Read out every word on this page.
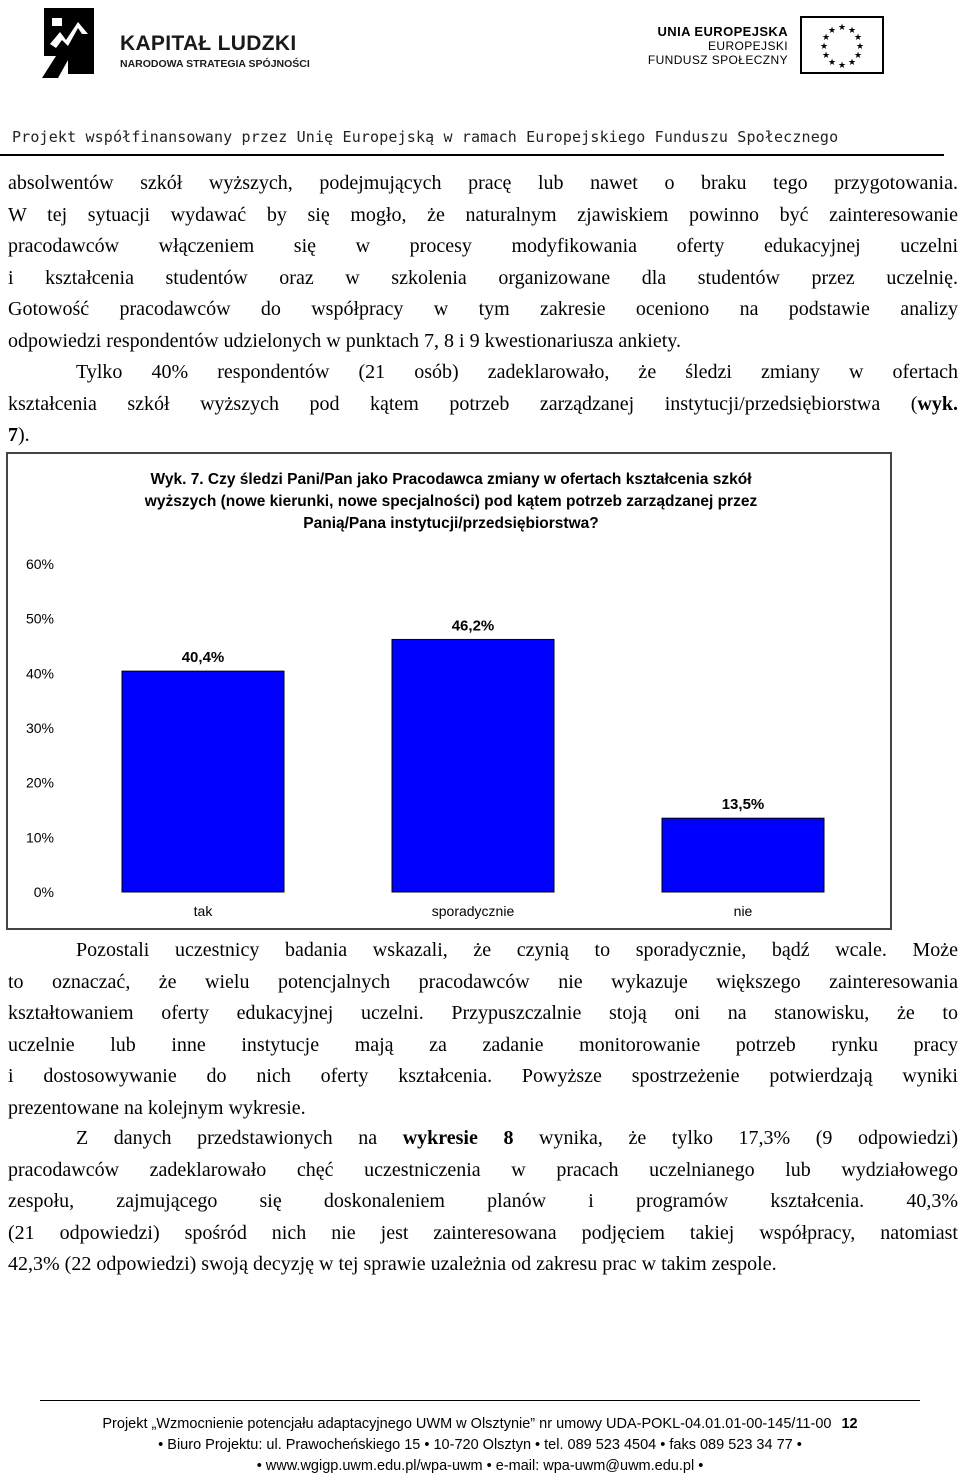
KAPITAŁ LUDZKI
NARODOWA STRATEGIA SPÓJNOŚCI
UNIA EUROPEJSKA
EUROPEJSKI
FUNDUSZ SPOŁECZNY
★ ★
★
★
★
★
★
★
★
★
★
★
Projekt współfinansowany przez Unię Europejską w ramach Europejskiego Funduszu Społecznego
absolwentów szkół wyższych, podejmujących pracę lub nawet o braku tego przygotowania.
W tej sytuacji wydawać by się mogło, że naturalnym zjawiskiem powinno być zainteresowanie
pracodawców włączeniem się w procesy modyfikowania oferty edukacyjnej uczelni
i kształcenia studentów oraz w szkolenia organizowane dla studentów przez uczelnię.
Gotowość pracodawców do współpracy w tym zakresie oceniono na podstawie analizy
odpowiedzi respondentów udzielonych w punktach 7, 8 i 9 kwestionariusza ankiety.
Tylko 40% respondentów (21 osób) zadeklarowało, że śledzi zmiany w ofertach
kształcenia szkół wyższych pod kątem potrzeb zarządzanej instytucji/przedsiębiorstwa (wyk.
7).
Wyk. 7. Czy śledzi Pani/Pan jako Pracodawca zmiany w ofertach kształcenia szkół
wyższych (nowe kierunki, nowe specjalności) pod kątem potrzeb zarządzanej przez
Panią/Pana instytucji/przedsiębiorstwa?
0%
10%
20%
30%
40%
50%
60%
40,4%
tak
46,2%
sporadycznie
13,5%
nie
Pozostali uczestnicy badania wskazali, że czynią to sporadycznie, bądź wcale. Może
to oznaczać, że wielu potencjalnych pracodawców nie wykazuje większego zainteresowania
kształtowaniem oferty edukacyjnej uczelni. Przypuszczalnie stoją oni na stanowisku, że to
uczelnie lub inne instytucje mają za zadanie monitorowanie potrzeb rynku pracy
i dostosowywanie do nich oferty kształcenia. Powyższe spostrzeżenie potwierdzają wyniki
prezentowane na kolejnym wykresie.
Z danych przedstawionych na wykresie 8 wynika, że tylko 17,3% (9 odpowiedzi)
pracodawców zadeklarowało chęć uczestniczenia w pracach uczelnianego lub wydziałowego
zespołu, zajmującego się doskonaleniem planów i programów kształcenia. 40,3%
(21 odpowiedzi) spośród nich nie jest zainteresowana podjęciem takiej współpracy, natomiast
42,3% (22 odpowiedzi) swoją decyzję w tej sprawie uzależnia od zakresu prac w takim zespole.
Projekt „Wzmocnienie potencjału adaptacyjnego UWM w Olsztynie” nr umowy UDA-POKL-04.01.01-00-145/11-00 12
• Biuro Projektu: ul. Prawocheńskiego 15 • 10-720 Olsztyn • tel. 089 523 4504 • faks 089 523 34 77 •
• www.wgigp.uwm.edu.pl/wpa-uwm • e-mail: wpa-uwm@uwm.edu.pl •
